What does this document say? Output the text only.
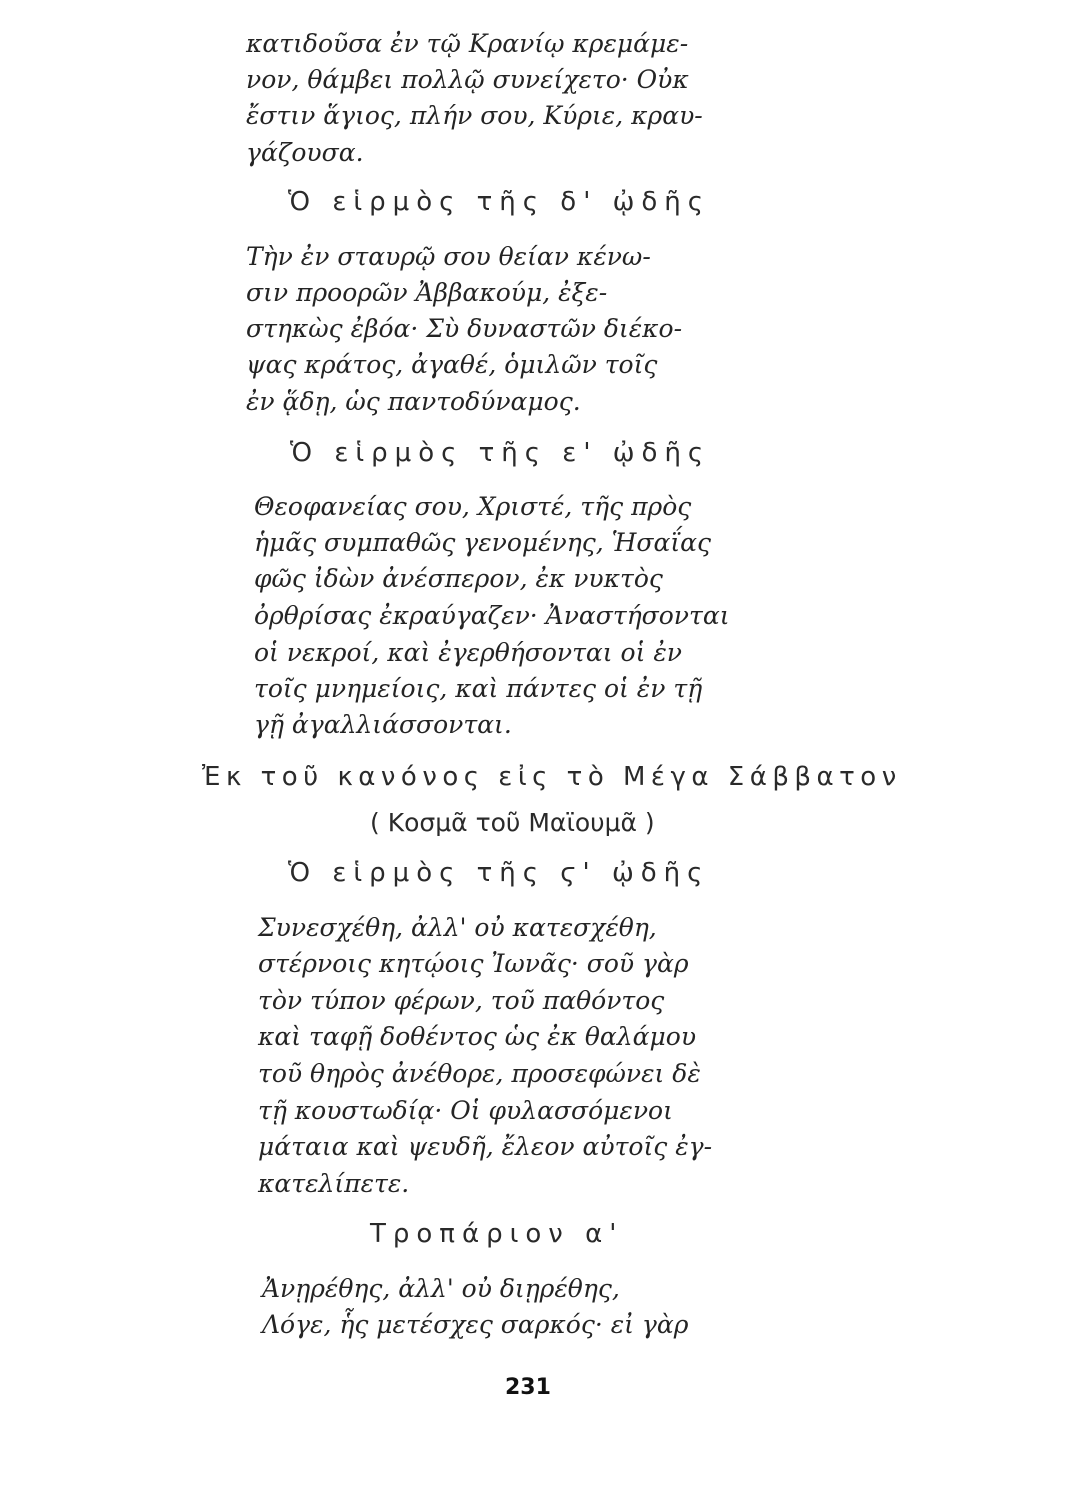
κατιδοῦσα ἐν τῷ Κρανίῳ κρεμάμε-
νον, θάμβει πολλῷ συνείχετο· Οὐκ
ἔστιν ἅγιος, πλήν σου, Κύριε, κραυ-
γάζουσα.
Ὁ εἱρμὸς τῆς δ' ᾠδῆς
Τὴν ἐν σταυρῷ σου θείαν κένω-
σιν προορῶν Ἀββακούμ, ἐξε-
στηκὼς ἐβόα· Σὺ δυναστῶν διέκο-
ψας κράτος, ἀγαθέ, ὁμιλῶν τοῖς
ἐν ᾅδῃ, ὡς παντοδύναμος.
Ὁ εἱρμὸς τῆς ε' ᾠδῆς
Θεοφανείας σου, Χριστέ, τῆς πρὸς
ἡμᾶς συμπαθῶς γενομένης, Ἡσαΐας
φῶς ἰδὼν ἀνέσπερον, ἐκ νυκτὸς
ὀρθρίσας ἐκραύγαζεν· Ἀναστήσονται
οἱ νεκροί, καὶ ἐγερθήσονται οἱ ἐν
τοῖς μνημείοις, καὶ πάντες οἱ ἐν τῇ
γῇ ἀγαλλιάσσονται.
Ἐκ τοῦ κανόνος εἰς τὸ Μέγα Σάββατον
( Κοσμᾶ τοῦ Μαϊουμᾶ )
Ὁ εἱρμὸς τῆς ϛ' ᾠδῆς
Συνεσχέθη, ἀλλ' οὐ κατεσχέθη,
στέρνοις κητῴοις Ἰωνᾶς· σοῦ γὰρ
τὸν τύπον φέρων, τοῦ παθόντος
καὶ ταφῇ δοθέντος ὡς ἐκ θαλάμου
τοῦ θηρὸς ἀνέθορε, προσεφώνει δὲ
τῇ κουστωδίᾳ· Οἱ φυλασσόμενοι
μάταια καὶ ψευδῆ, ἔλεον αὐτοῖς ἐγ-
κατελίπετε.
Τροπάριον α'
Ἀνῃρέθης, ἀλλ' οὐ διῃρέθης,
Λόγε, ἧς μετέσχες σαρκός· εἰ γὰρ
231
